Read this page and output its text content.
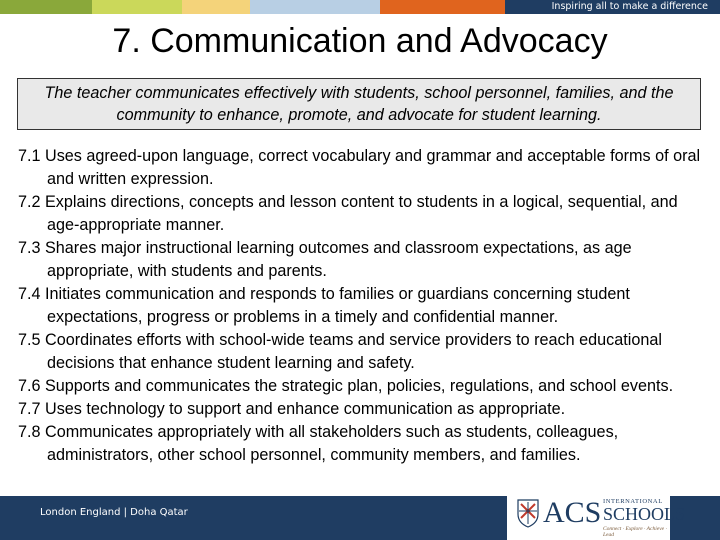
Inspiring all to make a difference
7. Communication and Advocacy
The teacher communicates effectively with students, school personnel, families, and the community to enhance, promote, and advocate for student learning.
7.1 Uses agreed-upon language, correct vocabulary and grammar and acceptable forms of oral and written expression.
7.2 Explains directions, concepts and lesson content to students in a logical, sequential, and age-appropriate manner.
7.3 Shares major instructional learning outcomes and classroom expectations, as age appropriate, with students and parents.
7.4 Initiates communication and responds to families or guardians concerning student expectations, progress or problems in a timely and confidential manner.
7.5 Coordinates efforts with school-wide teams and service providers to reach educational decisions that enhance student learning and safety.
7.6 Supports and communicates the strategic plan, policies, regulations, and school events.
7.7 Uses technology to support and enhance communication as appropriate.
7.8 Communicates appropriately with all stakeholders such as students, colleagues, administrators, other school personnel, community members, and families.
London England | Doha Qatar	ACS INTERNATIONAL
SCHOOLS
Connect · Explore · Achieve · Lead
